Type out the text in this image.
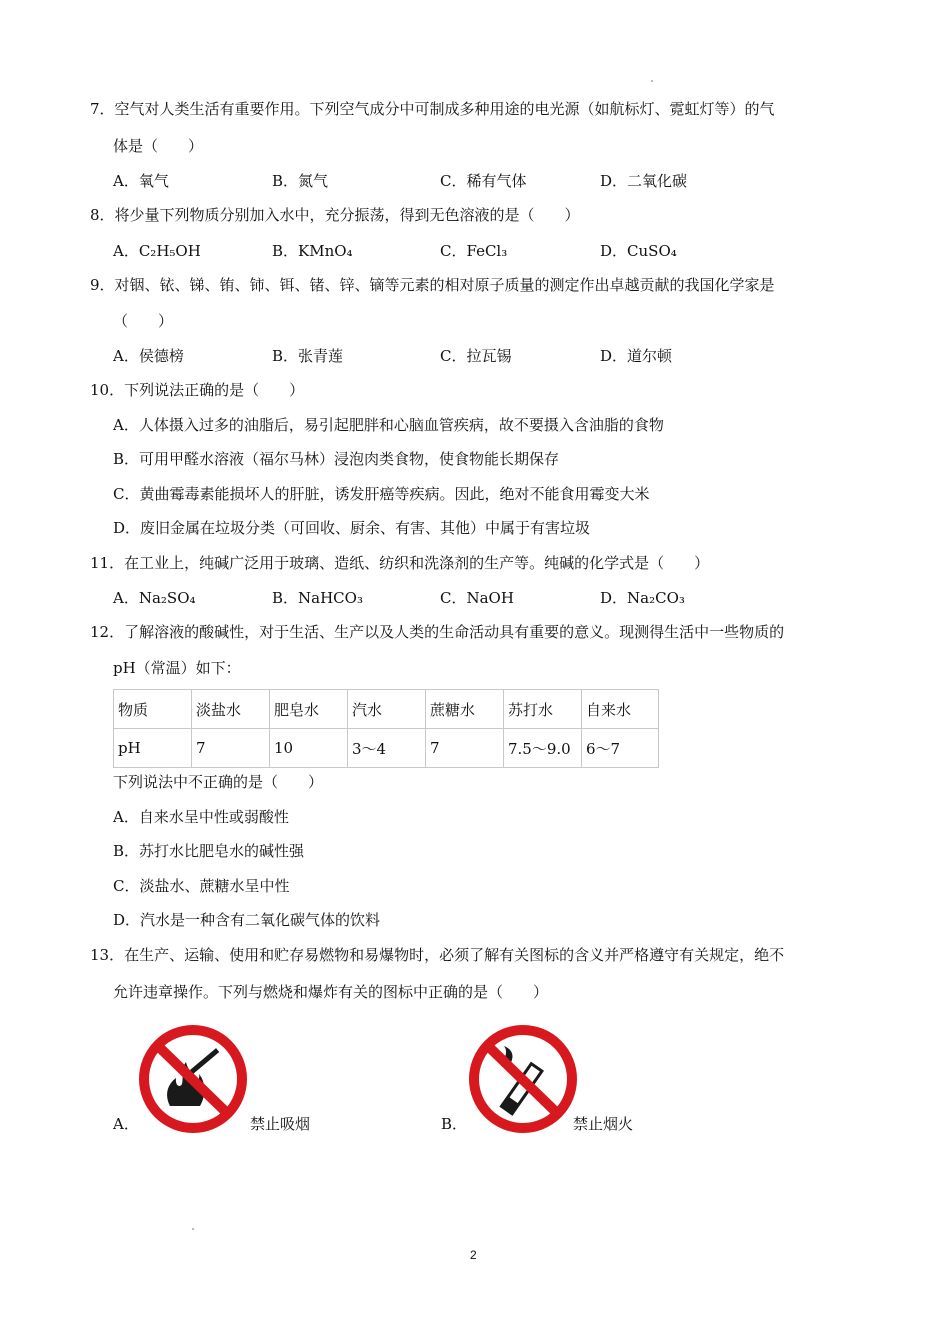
7．空气对人类生活有重要作用。下列空气成分中可制成多种用途的电光源（如航标灯、霓虹灯等）的气
体是（　　）
A．氧气	B．氮气	C．稀有气体	D．二氧化碳
8．将少量下列物质分别加入水中，充分振荡，得到无色溶液的是（　　）
A．C₂H₅OH	B．KMnO₄	C．FeCl₃	D．CuSO₄
9．对铟、铱、锑、铕、铈、铒、锗、锌、镝等元素的相对原子质量的测定作出卓越贡献的我国化学家是
（　　）
A．侯德榜	B．张青莲	C．拉瓦锡	D．道尔顿
10．下列说法正确的是（　　）
A．人体摄入过多的油脂后，易引起肥胖和心脑血管疾病，故不要摄入含油脂的食物
B．可用甲醛水溶液（福尔马林）浸泡肉类食物，使食物能长期保存
C．黄曲霉毒素能损坏人的肝脏，诱发肝癌等疾病。因此，绝对不能食用霉变大米
D．废旧金属在垃圾分类（可回收、厨余、有害、其他）中属于有害垃圾
11．在工业上，纯碱广泛用于玻璃、造纸、纺织和洗涤剂的生产等。纯碱的化学式是（　　）
A．Na₂SO₄	B．NaHCO₃	C．NaOH	D．Na₂CO₃
12．了解溶液的酸碱性，对于生活、生产以及人类的生命活动具有重要的意义。现测得生活中一些物质的
pH（常温）如下：
物质	淡盐水	肥皂水	汽水	蔗糖水	苏打水	自来水
pH	7	10	3～4	7	7.5～9.0	6～7
下列说法中不正确的是（　　）
A．自来水呈中性或弱酸性
B．苏打水比肥皂水的碱性强
C．淡盐水、蔗糖水呈中性
D．汽水是一种含有二氧化碳气体的饮料
13．在生产、运输、使用和贮存易燃物和易爆物时，必须了解有关图标的含义并严格遵守有关规定，绝不
允许违章操作。下列与燃烧和爆炸有关的图标中正确的是（　　）
A．	禁止吸烟	B．	禁止烟火
2
